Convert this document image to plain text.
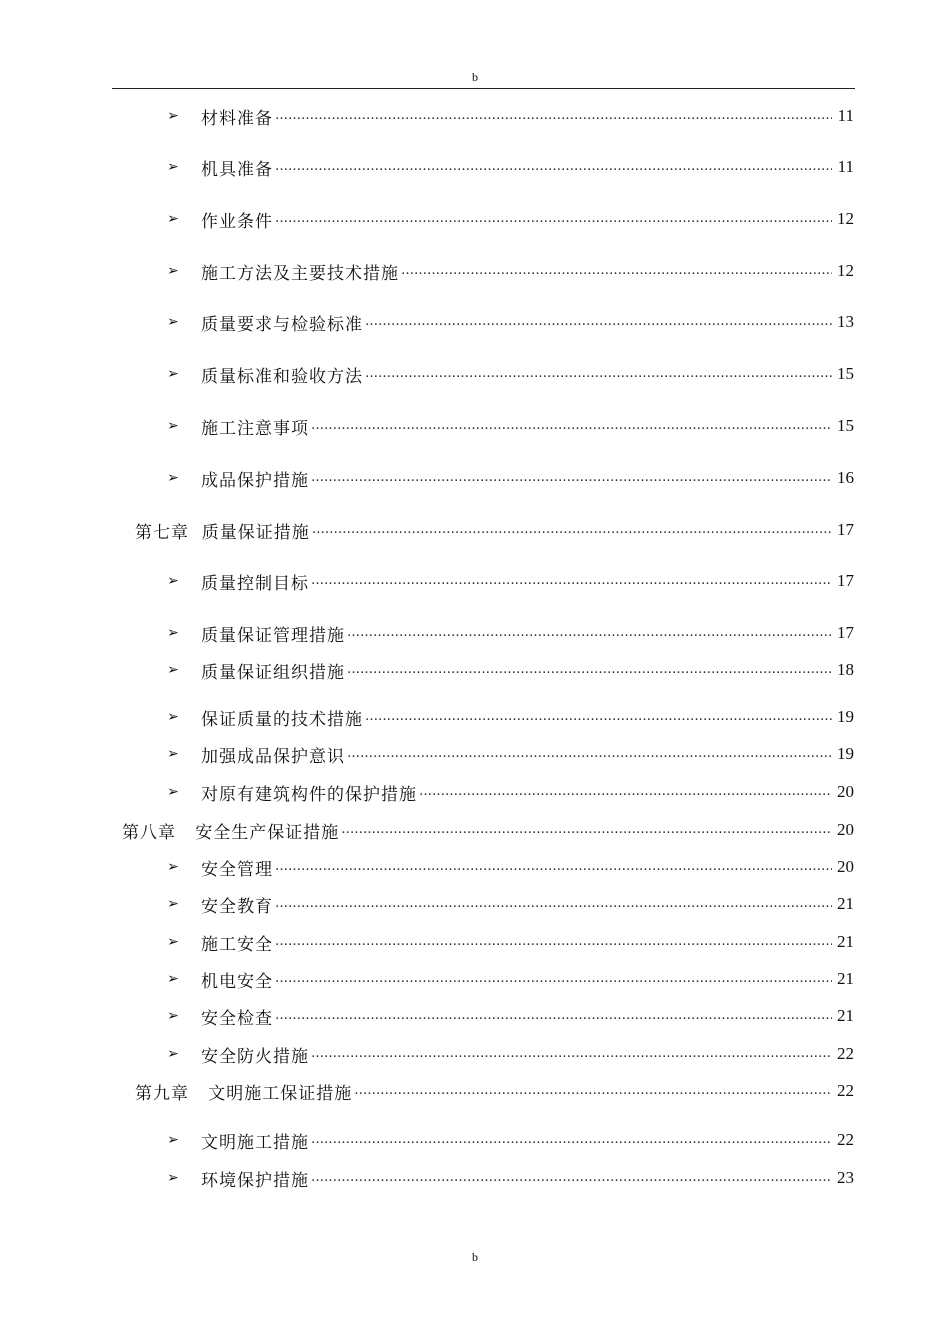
b
➢ 材料准备	11
………………………………………………………………………………………………………………………………………………………………
➢ 机具准备	11
………………………………………………………………………………………………………………………………………………………………
➢ 作业条件	12
………………………………………………………………………………………………………………………………………………………………
➢ 施工方法及主要技术措施	12
………………………………………………………………………………………………………………………………………………………………
➢ 质量要求与检验标准	13
………………………………………………………………………………………………………………………………………………………………
➢ 质量标准和验收方法	15
………………………………………………………………………………………………………………………………………………………………
➢ 施工注意事项	15
………………………………………………………………………………………………………………………………………………………………
➢ 成品保护措施	16
………………………………………………………………………………………………………………………………………………………………
第七章  质量保证措施	17
………………………………………………………………………………………………………………………………………………………………
➢ 质量控制目标	17
………………………………………………………………………………………………………………………………………………………………
➢ 质量保证管理措施	17
………………………………………………………………………………………………………………………………………………………………
➢ 质量保证组织措施	18
………………………………………………………………………………………………………………………………………………………………
➢ 保证质量的技术措施	19
………………………………………………………………………………………………………………………………………………………………
➢ 加强成品保护意识	19
………………………………………………………………………………………………………………………………………………………………
➢ 对原有建筑构件的保护措施	20
………………………………………………………………………………………………………………………………………………………………
第八章   安全生产保证措施	20
………………………………………………………………………………………………………………………………………………………………
➢ 安全管理	20
………………………………………………………………………………………………………………………………………………………………
➢ 安全教育	21
………………………………………………………………………………………………………………………………………………………………
➢ 施工安全	21
………………………………………………………………………………………………………………………………………………………………
➢ 机电安全	21
………………………………………………………………………………………………………………………………………………………………
➢ 安全检查	21
………………………………………………………………………………………………………………………………………………………………
➢ 安全防火措施	22
………………………………………………………………………………………………………………………………………………………………
第九章   文明施工保证措施	22
………………………………………………………………………………………………………………………………………………………………
➢ 文明施工措施	22
………………………………………………………………………………………………………………………………………………………………
➢ 环境保护措施	23
………………………………………………………………………………………………………………………………………………………………
b
